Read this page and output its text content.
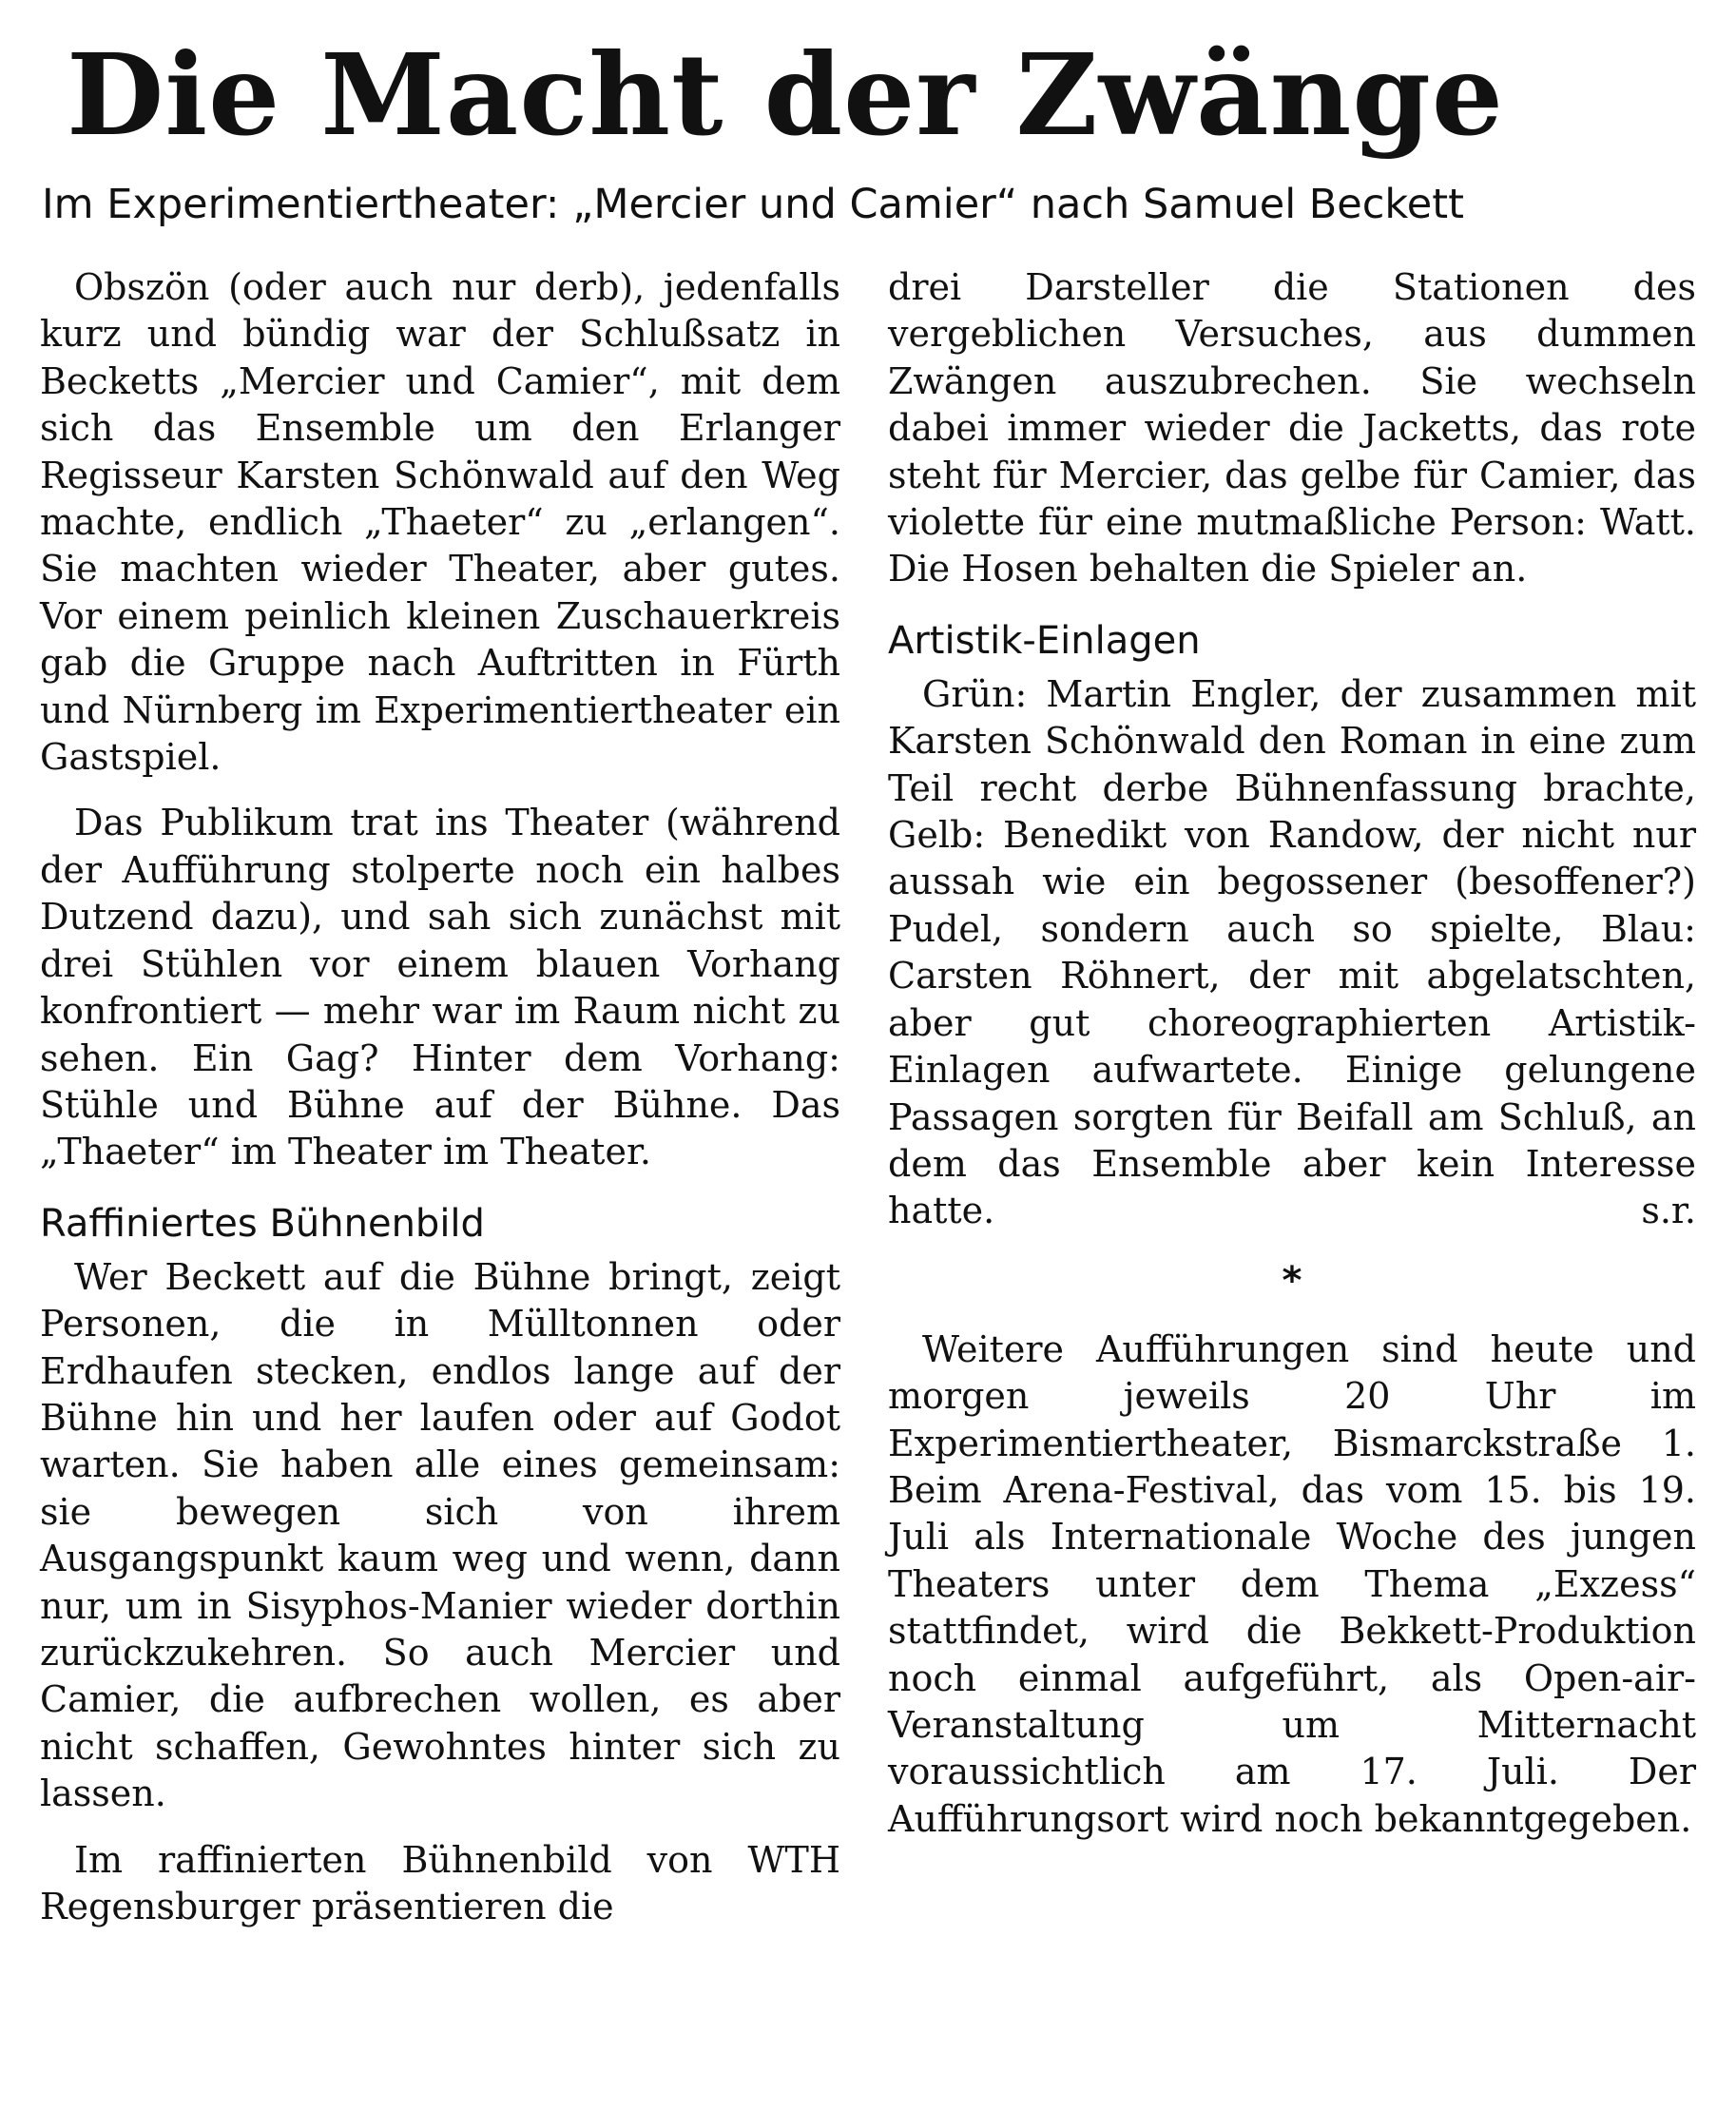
Die Macht der Zwänge
Im Experimentiertheater: „Mercier und Camier“ nach Samuel Beckett

Obszön (oder auch nur derb), jedenfalls kurz und bündig war der Schlußsatz in Becketts „Mercier und Camier“, mit dem sich das Ensemble um den Erlanger Regisseur Karsten Schönwald auf den Weg machte, endlich „Thaeter“ zu „erlangen“. Sie machten wieder Theater, aber gutes. Vor einem peinlich kleinen Zuschauerkreis gab die Gruppe nach Auftritten in Fürth und Nürnberg im Experimentiertheater ein Gastspiel.

Das Publikum trat ins Theater (während der Aufführung stolperte noch ein halbes Dutzend dazu), und sah sich zunächst mit drei Stühlen vor einem blauen Vorhang konfrontiert — mehr war im Raum nicht zu sehen. Ein Gag? Hinter dem Vorhang: Stühle und Bühne auf der Bühne. Das „Thaeter“ im Theater im Theater.

Raffiniertes Bühnenbild

Wer Beckett auf die Bühne bringt, zeigt Personen, die in Mülltonnen oder Erdhaufen stecken, endlos lange auf der Bühne hin und her laufen oder auf Godot warten. Sie haben alle eines gemeinsam: sie bewegen sich von ihrem Ausgangspunkt kaum weg und wenn, dann nur, um in Sisyphos-Manier wieder dorthin zurückzukehren. So auch Mercier und Camier, die aufbrechen wollen, es aber nicht schaffen, Gewohntes hinter sich zu lassen.

Im raffinierten Bühnenbild von WTH Regensburger präsentieren die

drei Darsteller die Stationen des vergeblichen Versuches, aus dummen Zwängen auszubrechen. Sie wechseln dabei immer wieder die Jacketts, das rote steht für Mercier, das gelbe für Camier, das violette für eine mutmaßliche Person: Watt. Die Hosen behalten die Spieler an.

Artistik-Einlagen

Grün: Martin Engler, der zusammen mit Karsten Schönwald den Roman in eine zum Teil recht derbe Bühnenfassung brachte, Gelb: Benedikt von Randow, der nicht nur aussah wie ein begossener (besoffener?) Pudel, sondern auch so spielte, Blau: Carsten Röhnert, der mit abgelatschten, aber gut choreographierten Artistik-Einlagen aufwartete. Einige gelungene Passagen sorgten für Beifall am Schluß, an dem das Ensemble aber kein Interesse hatte.	s.r.

*

Weitere Aufführungen sind heute und morgen jeweils 20 Uhr im Experimentiertheater, Bismarckstraße 1. Beim Arena-Festival, das vom 15. bis 19. Juli als Internationale Woche des jungen Theaters unter dem Thema „Exzess“ stattfindet, wird die Bekkett-Produktion noch einmal aufgeführt, als Open-air-Veranstaltung um Mitternacht voraussichtlich am 17. Juli. Der Aufführungsort wird noch bekanntgegeben.
